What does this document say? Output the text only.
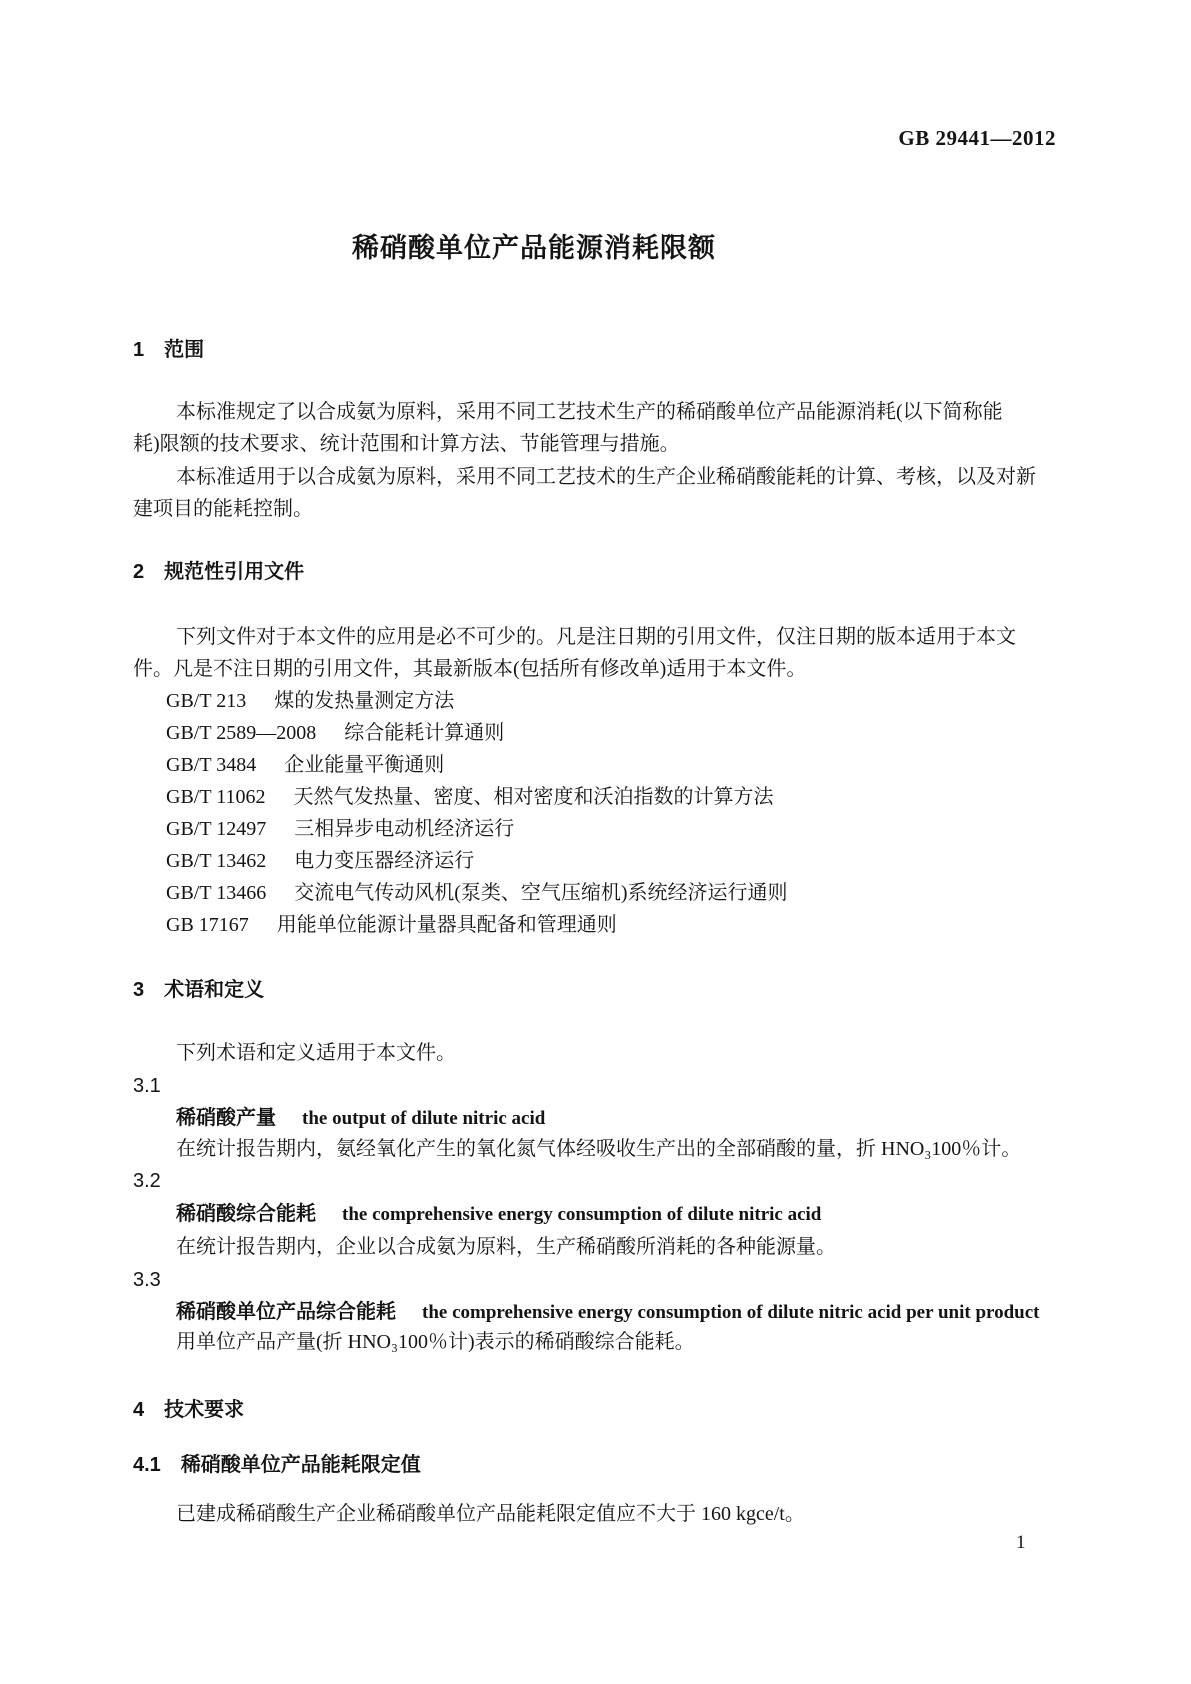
GB 29441—2012
稀硝酸单位产品能源消耗限额
1 范围
本标准规定了以合成氨为原料，采用不同工艺技术生产的稀硝酸单位产品能源消耗(以下简称能
耗)限额的技术要求、统计范围和计算方法、节能管理与措施。
本标准适用于以合成氨为原料，采用不同工艺技术的生产企业稀硝酸能耗的计算、考核，以及对新
建项目的能耗控制。
2 规范性引用文件
下列文件对于本文件的应用是必不可少的。凡是注日期的引用文件，仅注日期的版本适用于本文
件。凡是不注日期的引用文件，其最新版本(包括所有修改单)适用于本文件。
GB/T 213 煤的发热量测定方法
GB/T 2589—2008 综合能耗计算通则
GB/T 3484 企业能量平衡通则
GB/T 11062 天然气发热量、密度、相对密度和沃泊指数的计算方法
GB/T 12497 三相异步电动机经济运行
GB/T 13462 电力变压器经济运行
GB/T 13466 交流电气传动风机(泵类、空气压缩机)系统经济运行通则
GB 17167 用能单位能源计量器具配备和管理通则
3 术语和定义
下列术语和定义适用于本文件。
3.1
稀硝酸产量 the output of dilute nitric acid
在统计报告期内，氨经氧化产生的氧化氮气体经吸收生产出的全部硝酸的量，折 HNO₃100％计。
3.2
稀硝酸综合能耗 the comprehensive energy consumption of dilute nitric acid
在统计报告期内，企业以合成氨为原料，生产稀硝酸所消耗的各种能源量。
3.3
稀硝酸单位产品综合能耗 the comprehensive energy consumption of dilute nitric acid per unit product
用单位产品产量(折 HNO₃100％计)表示的稀硝酸综合能耗。
4 技术要求
4.1 稀硝酸单位产品能耗限定值
已建成稀硝酸生产企业稀硝酸单位产品能耗限定值应不大于 160 kgce/t。
1
